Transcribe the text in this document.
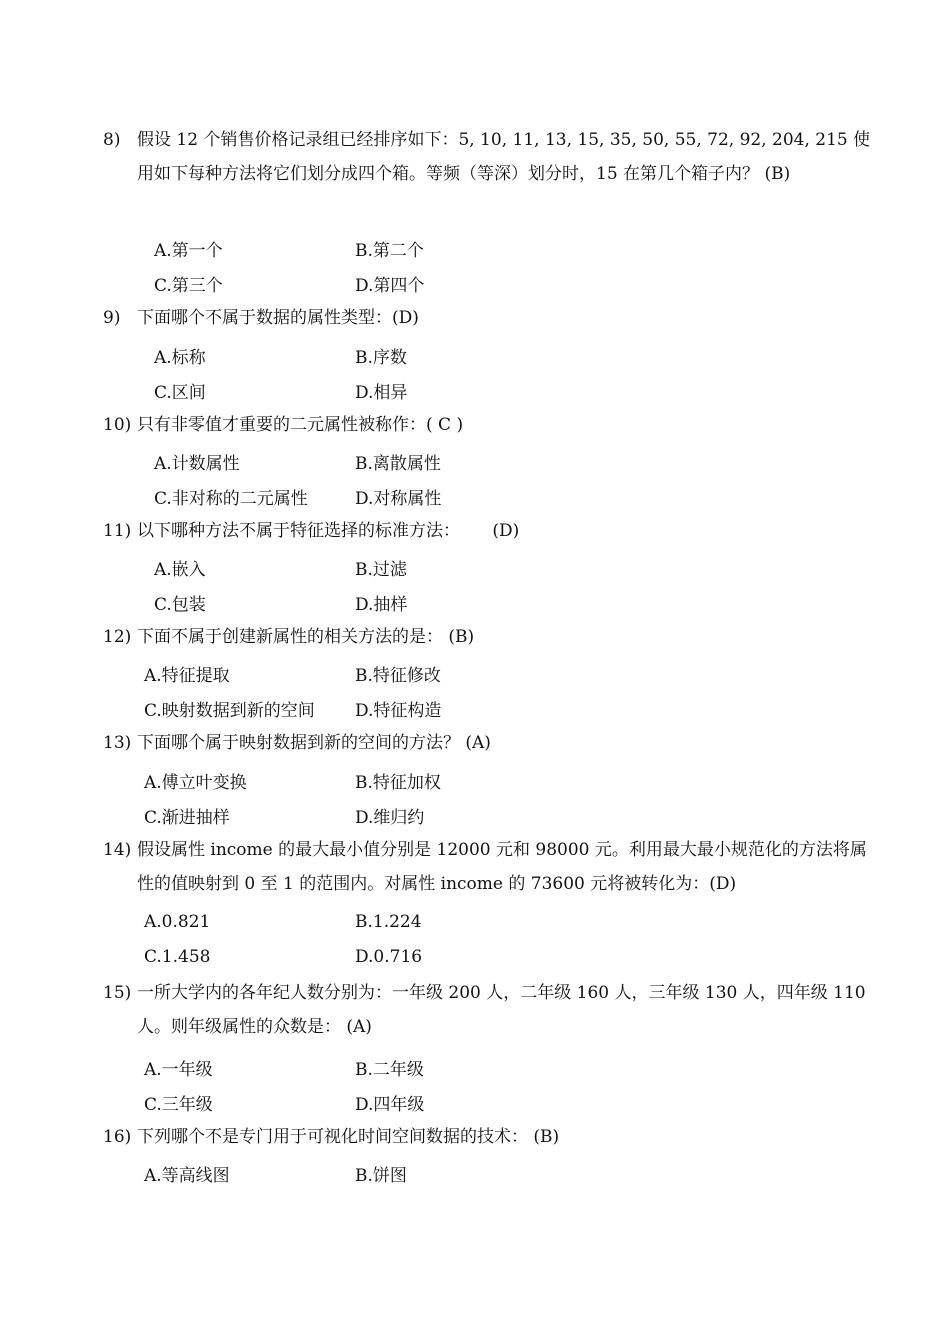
8) 假设 12 个销售价格记录组已经排序如下：5, 10, 11, 13, 15, 35, 50, 55, 72, 92, 204, 215 使用如下每种方法将它们划分成四个箱。等频（等深）划分时，15 在第几个箱子内？ (B)
A.第一个	B.第二个
C.第三个	D.第四个
9) 下面哪个不属于数据的属性类型：(D)
A.标称	B.序数
C.区间	D.相异
10) 只有非零值才重要的二元属性被称作：( C )
A.计数属性	B.离散属性
C.非对称的二元属性	D.对称属性
11) 以下哪种方法不属于特征选择的标准方法：      (D)
A.嵌入	B.过滤
C.包装	D.抽样
12) 下面不属于创建新属性的相关方法的是： (B)
A.特征提取	B.特征修改
C.映射数据到新的空间 D.特征构造
13) 下面哪个属于映射数据到新的空间的方法？ (A)
A.傅立叶变换	B.特征加权
C.渐进抽样	D.维归约
14) 假设属性 income 的最大最小值分别是 12000 元和 98000 元。利用最大最小规范化的方法将属性的值映射到 0 至 1 的范围内。对属性 income 的 73600 元将被转化为：(D)
A.0.821	B.1.224
C.1.458	D.0.716
15) 一所大学内的各年纪人数分别为：一年级 200 人，二年级 160 人，三年级 130 人，四年级 110 人。则年级属性的众数是： (A)
A.一年级	B.二年级
C.三年级	D.四年级
16) 下列哪个不是专门用于可视化时间空间数据的技术： (B)
A.等高线图	B.饼图
